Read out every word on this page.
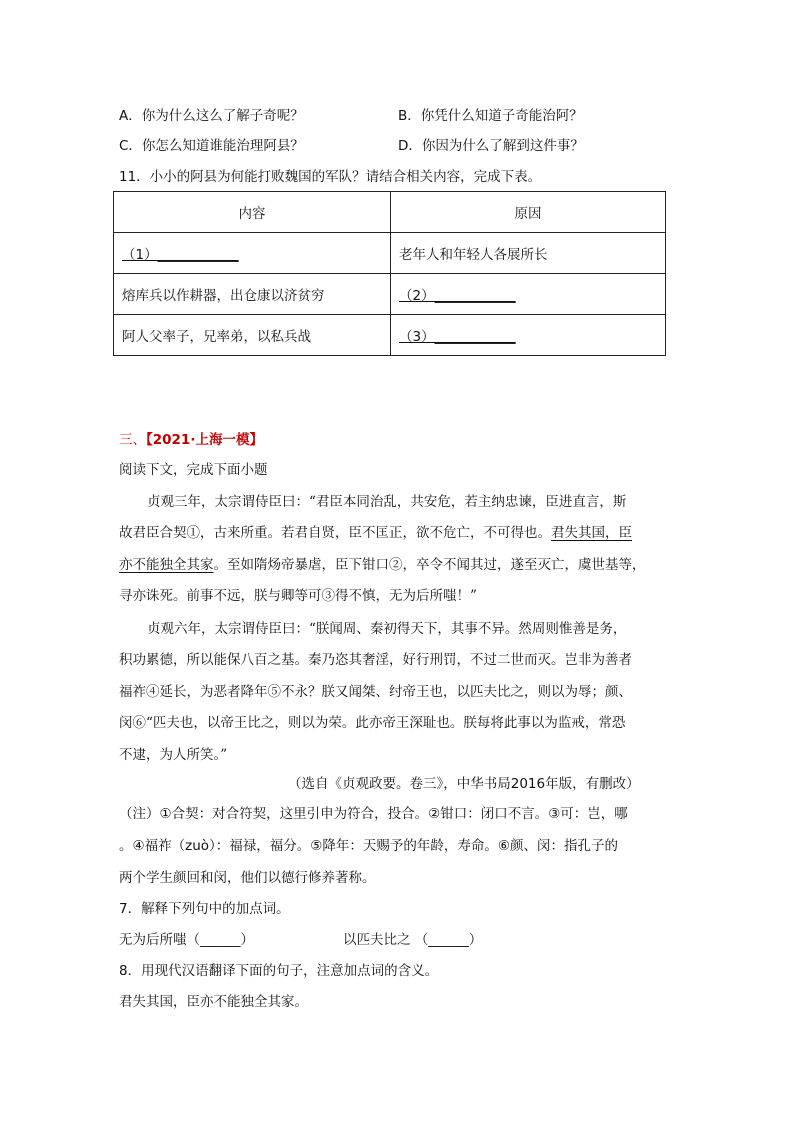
A．你为什么这么了解子奇呢？	B．你凭什么知道子奇能治阿？
C．你怎么知道谁能治理阿县？	D．你因为什么了解到这件事？
11．小小的阿县为何能打败魏国的军队？请结合相关内容，完成下表。
内容	原因
（1）____________	老年人和年轻人各展所长
熔库兵以作耕器，出仓康以济贫穷	（2）____________
阿人父率子，兄率弟，以私兵战	（3）____________
三、【2021·上海一模】
阅读下文，完成下面小题
贞观三年，太宗谓侍臣曰：“君臣本同治乱，共安危，若主纳忠谏，臣进直言，斯
故君臣合契①，古来所重。若君自贤，臣不匡正，欲不危亡，不可得也。君失其国，臣
亦不能独全其家。至如隋炀帝暴虐，臣下钳口②，卒令不闻其过，遂至灭亡，虞世基等，
寻亦诛死。前事不远，朕与卿等可③得不慎，无为后所嗤！”
贞观六年，太宗谓侍臣曰：“朕闻周、秦初得天下，其事不异。然周则惟善是务，
积功累德，所以能保八百之基。秦乃恣其奢淫，好行刑罚，不过二世而灭。岂非为善者
福祚④延长，为恶者降年⑤不永？朕又闻桀、纣帝王也，以匹夫比之，则以为辱；颜、
闵⑥“匹夫也，以帝王比之，则以为荣。此亦帝王深耻也。朕每将此事以为监戒，常恐
不逮，为人所笑。”
（选自《贞观政要。卷三》，中华书局2016年版，有删改）
（注）①合契：对合符契，这里引申为符合，投合。②钳口：闭口不言。③可：岂，哪
。④福祚（zuò）：福禄，福分。⑤降年：天赐予的年龄，寿命。⑥颜、闵：指孔子的
两个学生颜回和闵，他们以德行修养著称。
7．解释下列句中的加点词。
无为后所嗤（______）	以匹夫比之 （______）
8．用现代汉语翻译下面的句子，注意加点词的含义。
君失其国，臣亦不能独全其家。
